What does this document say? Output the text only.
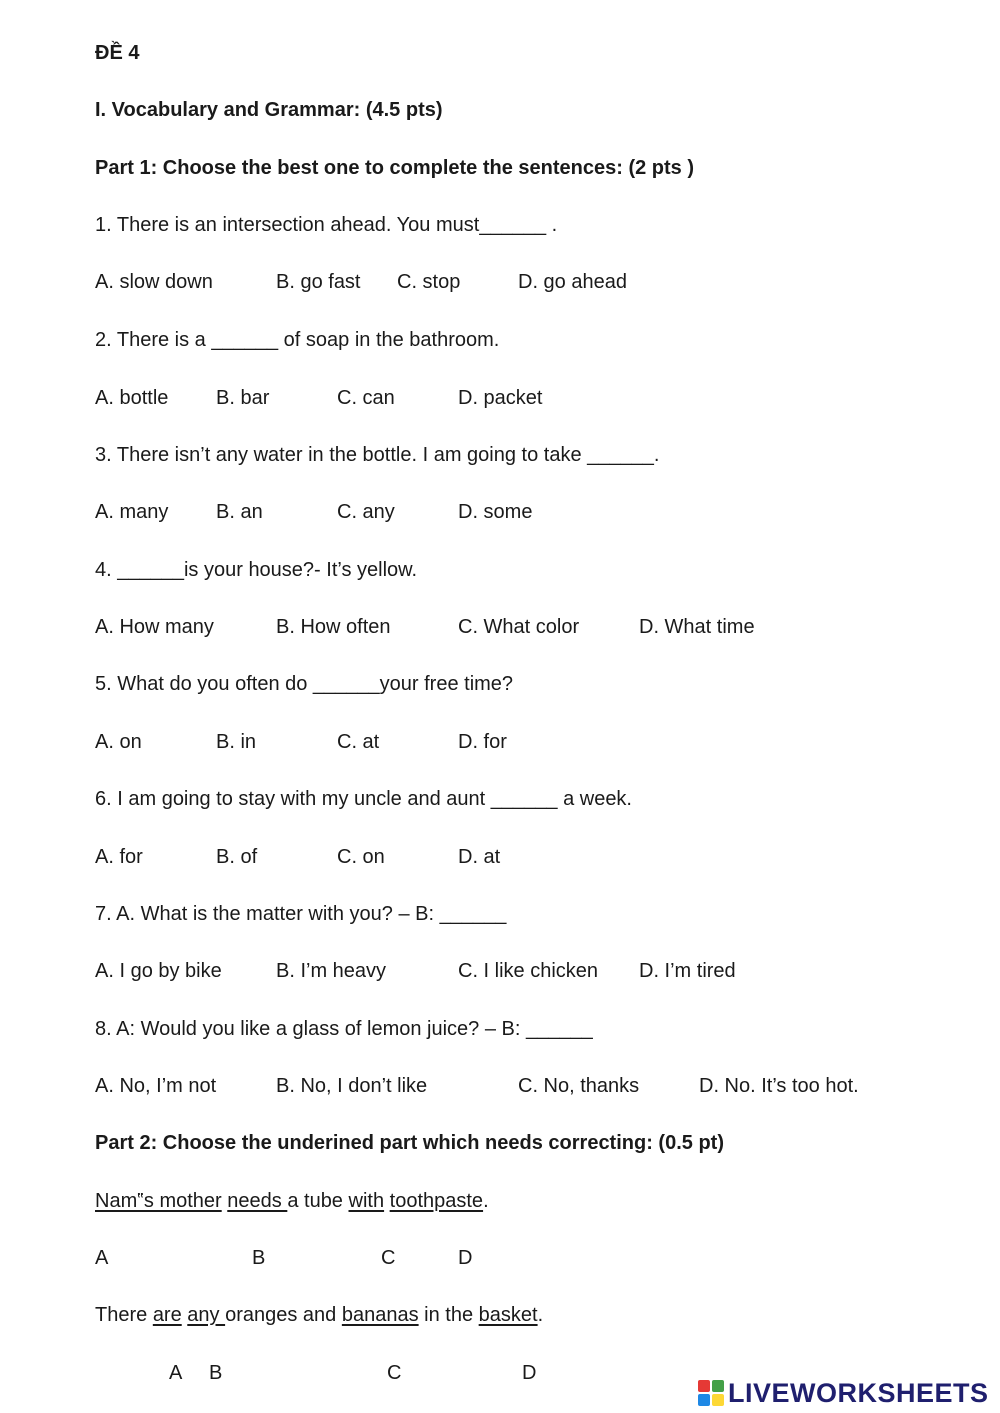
ĐỀ 4
I. Vocabulary and Grammar: (4.5 pts)
Part 1: Choose the best one to complete the sentences: (2 pts )
1. There is an intersection ahead. You must______ .
A. slow down	B. go fast C. stop	D. go ahead
2. There is a ______ of soap in the bathroom.
A. bottle B. bar	C. can	D. packet
3. There isn’t any water in the bottle. I am going to take ______.
A. many B. an	C. any	D. some
4. ______is your house?- It’s yellow.
A. How many	B. How often	C. What color	D. What time
5. What do you often do ______your free time?
A. on	B. in	C. at	D. for
6. I am going to stay with my uncle and aunt ______ a week.
A. for	B. of	C. on	D. at
7. A. What is the matter with you? – B: ______
A. I go by bike	B. I’m heavy	C. I like chicken D. I’m tired
8. A: Would you like a glass of lemon juice? – B: ______
A. No, I’m not	B. No, I don’t like	C. No, thanks	D. No. It’s too hot.
Part 2: Choose the underined part which needs correcting: (0.5 pt)
Nam‟s mother needs a tube with toothpaste.
A	B	C	D
There are any oranges and bananas in the basket.
A B	C	D
LIVEWORKSHEETS
